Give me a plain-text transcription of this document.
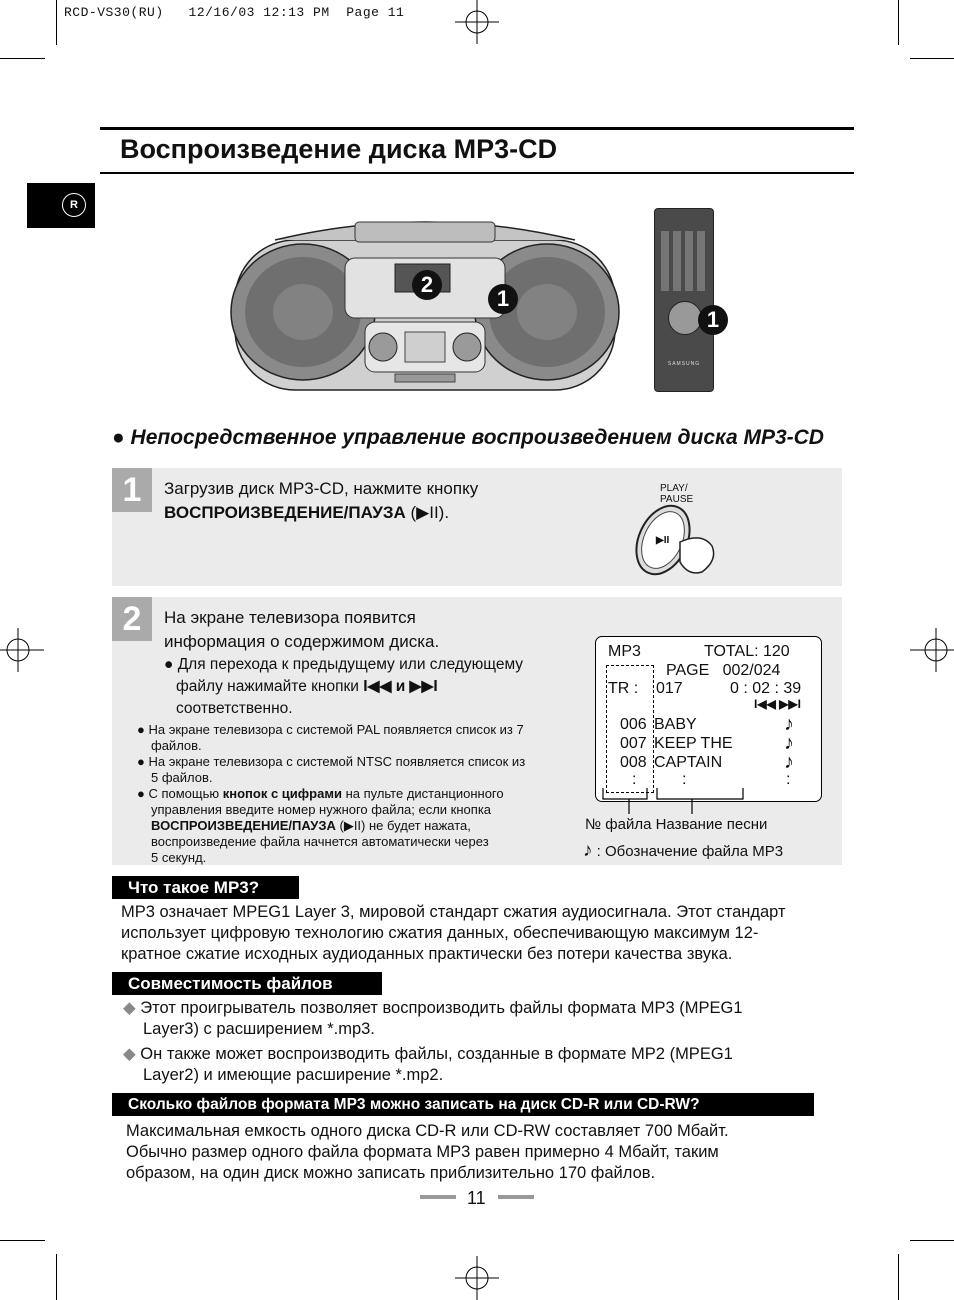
RCD-VS30(RU)   12/16/03 12:13 PM  Page 11
Воспроизведение диска MP3-CD
R
2
1
SAMSUNG
1
● Непосредственное управление воспроизведением диска MP3-CD
1	Загрузив диск MP3-CD, нажмите кнопку
ВОСПРОИЗВЕДЕНИЕ/ПАУЗА (▶II).
PLAY/
PAUSE
▶II
2	На экране телевизора появится
информация о содержимом диска.
● Для перехода к предыдущему или следующему
файлу нажимайте кнопки I◀◀ и ▶▶I
соответственно.
● На экране телевизора с системой PAL появляется список из 7
файлов.
● На экране телевизора с системой NTSC появляется список из
5 файлов.
● С помощью кнопок с цифрами на пульте дистанционного
управления введите номер нужного файла; если кнопка
ВОСПРОИЗВЕДЕНИЕ/ПАУЗА (▶II) не будет нажата,
воспроизведение файла начнется автоматически через
5 секунд.
MP3	TOTAL: 120
PAGE   002/024
TR : 017	0 : 02 : 39
I◀◀ ▶▶I
006 BABY	♪
007 KEEP THE	♪
008 CAPTAIN	♪
:	:	:
№ файла Название песни
♪ : Обозначение файла MP3
Что такое MP3?
MP3 означает MPEG1 Layer 3, мировой стандарт сжатия аудиосигнала. Этот стандарт
использует цифровую технологию сжатия данных, обеспечивающую максимум 12-
кратное сжатие исходных аудиоданных практически без потери качества звука.
Совместимость файлов
◆ Этот проигрыватель позволяет воспроизводить файлы формата MP3 (MPEG1
Layer3) с расширением *.mp3.
◆ Он также может воспроизводить файлы, созданные в формате MP2 (MPEG1
Layer2) и имеющие расширение *.mp2.
Сколько файлов формата MP3 можно записать на диск CD-R или CD-RW?
Максимальная емкость одного диска CD-R или CD-RW составляет 700 Мбайт.
Обычно размер одного файла формата MP3 равен примерно 4 Мбайт, таким
образом, на один диск можно записать приблизительно 170 файлов.
11
